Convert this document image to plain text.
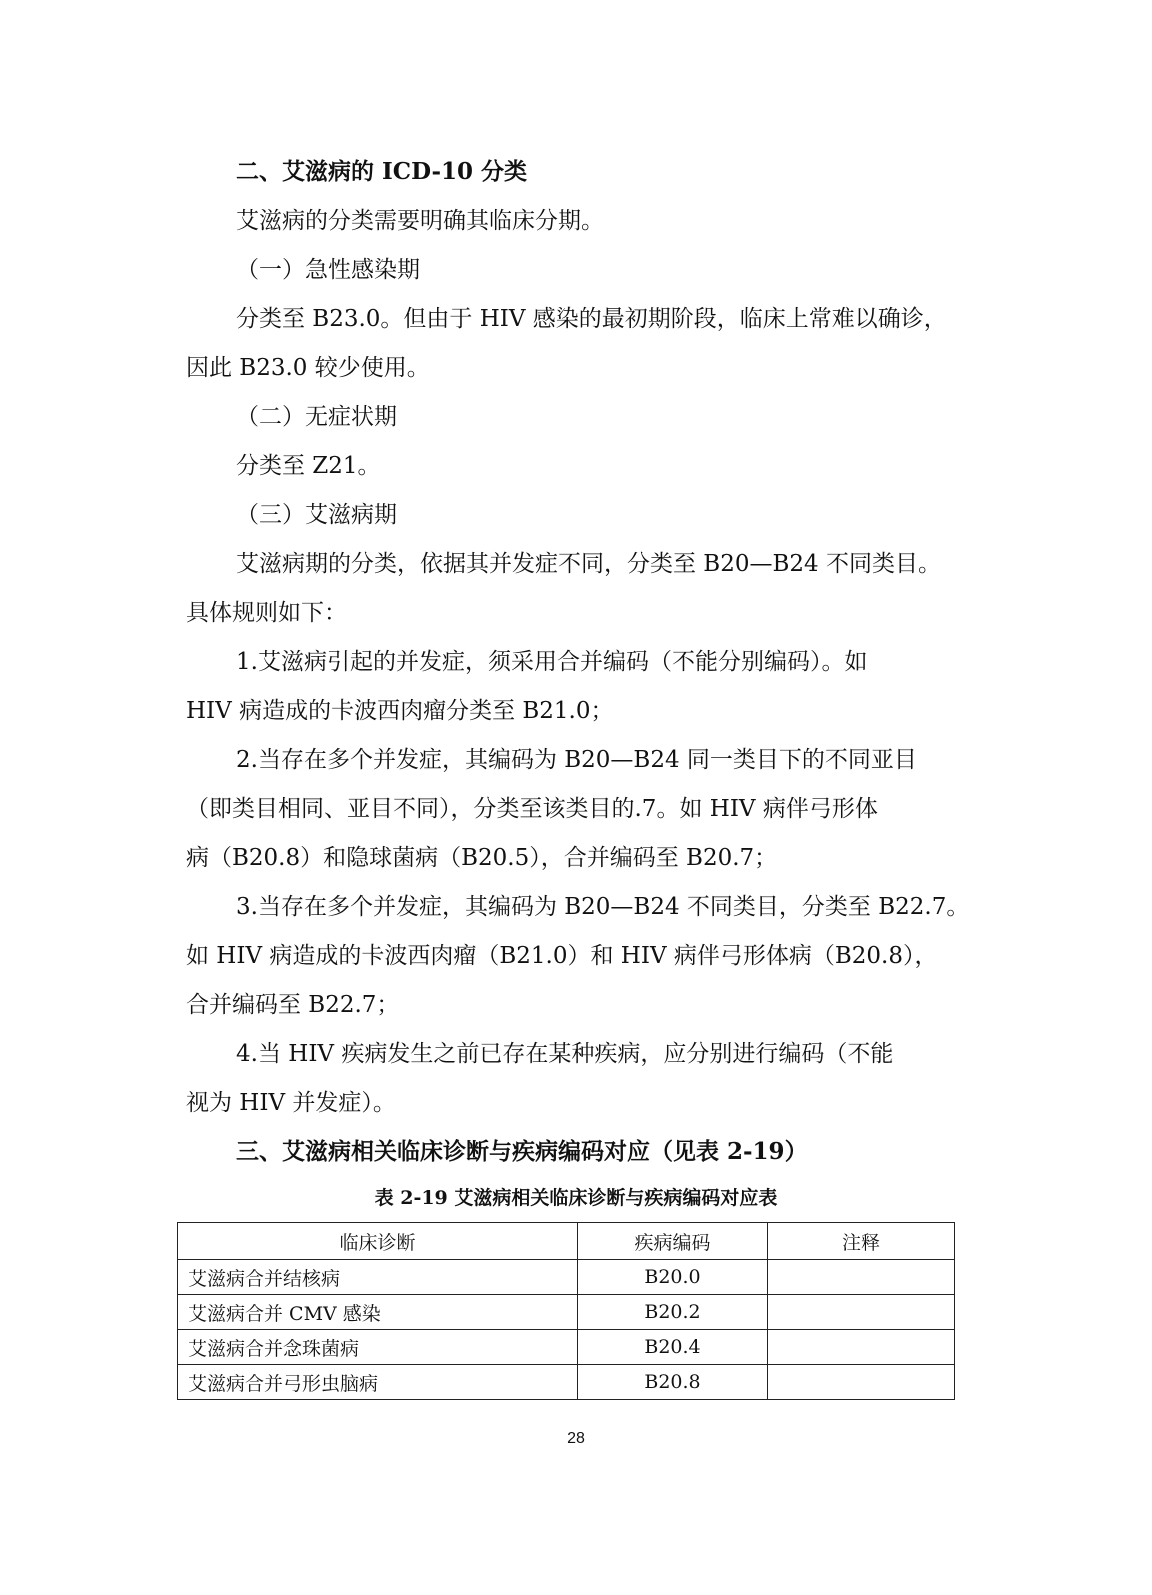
二、艾滋病的 ICD-10 分类
艾滋病的分类需要明确其临床分期。
（一）急性感染期
分类至 B23.0。但由于 HIV 感染的最初期阶段，临床上常难以确诊，
因此 B23.0 较少使用。
（二）无症状期
分类至 Z21。
（三）艾滋病期
艾滋病期的分类，依据其并发症不同，分类至 B20—B24 不同类目。
具体规则如下：
1.艾滋病引起的并发症，须采用合并编码（不能分别编码）。如
HIV 病造成的卡波西肉瘤分类至 B21.0；
2.当存在多个并发症，其编码为 B20—B24 同一类目下的不同亚目
（即类目相同、亚目不同），分类至该类目的.7。如 HIV 病伴弓形体
病（B20.8）和隐球菌病（B20.5），合并编码至 B20.7；
3.当存在多个并发症，其编码为 B20—B24 不同类目，分类至 B22.7。
如 HIV 病造成的卡波西肉瘤（B21.0）和 HIV 病伴弓形体病（B20.8），
合并编码至 B22.7；
4.当 HIV 疾病发生之前已存在某种疾病，应分别进行编码（不能
视为 HIV 并发症）。
三、艾滋病相关临床诊断与疾病编码对应（见表 2-19）
表 2-19 艾滋病相关临床诊断与疾病编码对应表
临床诊断	疾病编码	注释
艾滋病合并结核病	B20.0	
艾滋病合并 CMV 感染	B20.2	
艾滋病合并念珠菌病	B20.4	
艾滋病合并弓形虫脑病	B20.8	
28
